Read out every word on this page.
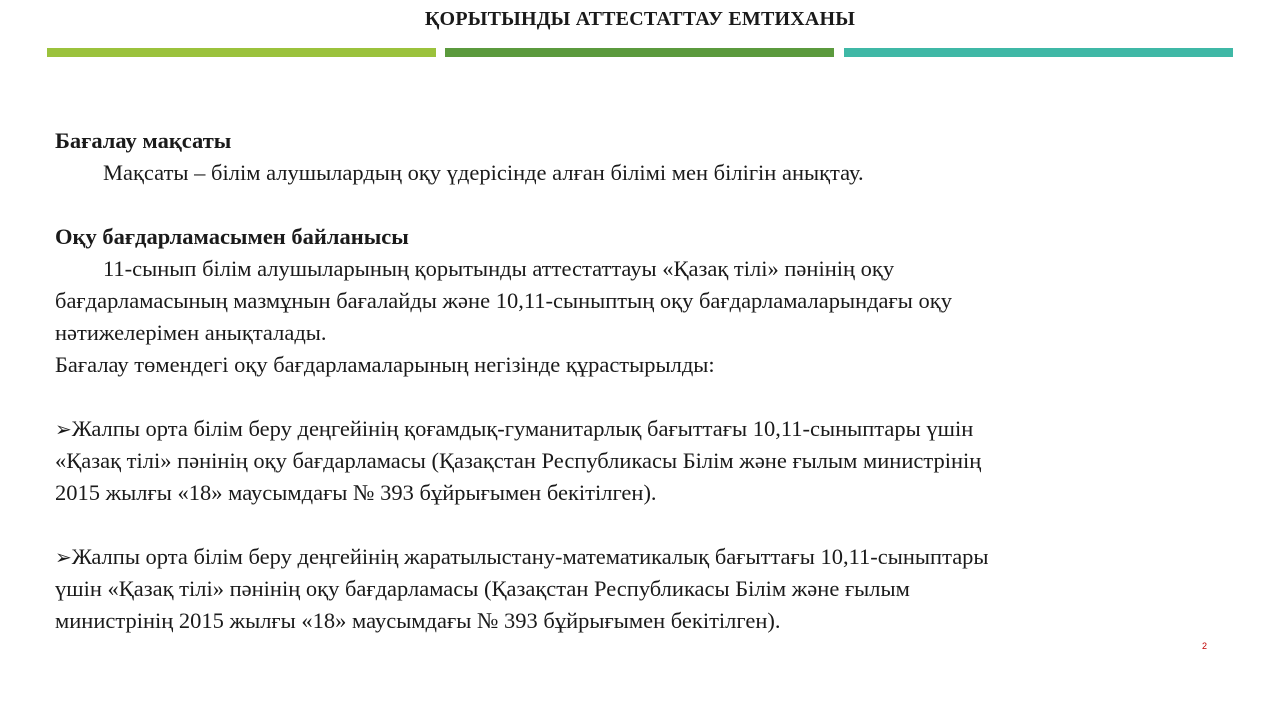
ҚОРЫТЫНДЫ АТТЕСТАТТАУ ЕМТИХАНЫ

Бағалау мақсаты

Мақсаты – білім алушылардың оқу үдерісінде алған білімі мен білігін анықтау.

Оқу бағдарламасымен байланысы

11-сынып білім алушыларының қорытынды аттестаттауы «Қазақ тілі» пәнінің оқу

бағдарламасының мазмұнын бағалайды және 10,11-сыныптың оқу бағдарламаларындағы оқу

нәтижелерімен анықталады.

Бағалау төмендегі оқу бағдарламаларының негізінде құрастырылды:

➢Жалпы орта білім беру деңгейінің қоғамдық-гуманитарлық бағыттағы 10,11-сыныптары үшін

«Қазақ тілі» пәнінің оқу бағдарламасы (Қазақстан Республикасы Білім және ғылым министрінің

2015 жылғы «18» маусымдағы № 393 бұйрығымен бекітілген).

➢Жалпы орта білім беру деңгейінің жаратылыстану-математикалық бағыттағы 10,11-сыныптары

үшін «Қазақ тілі» пәнінің оқу бағдарламасы (Қазақстан Республикасы Білім және ғылым

министрінің 2015 жылғы «18» маусымдағы № 393 бұйрығымен бекітілген).

2
